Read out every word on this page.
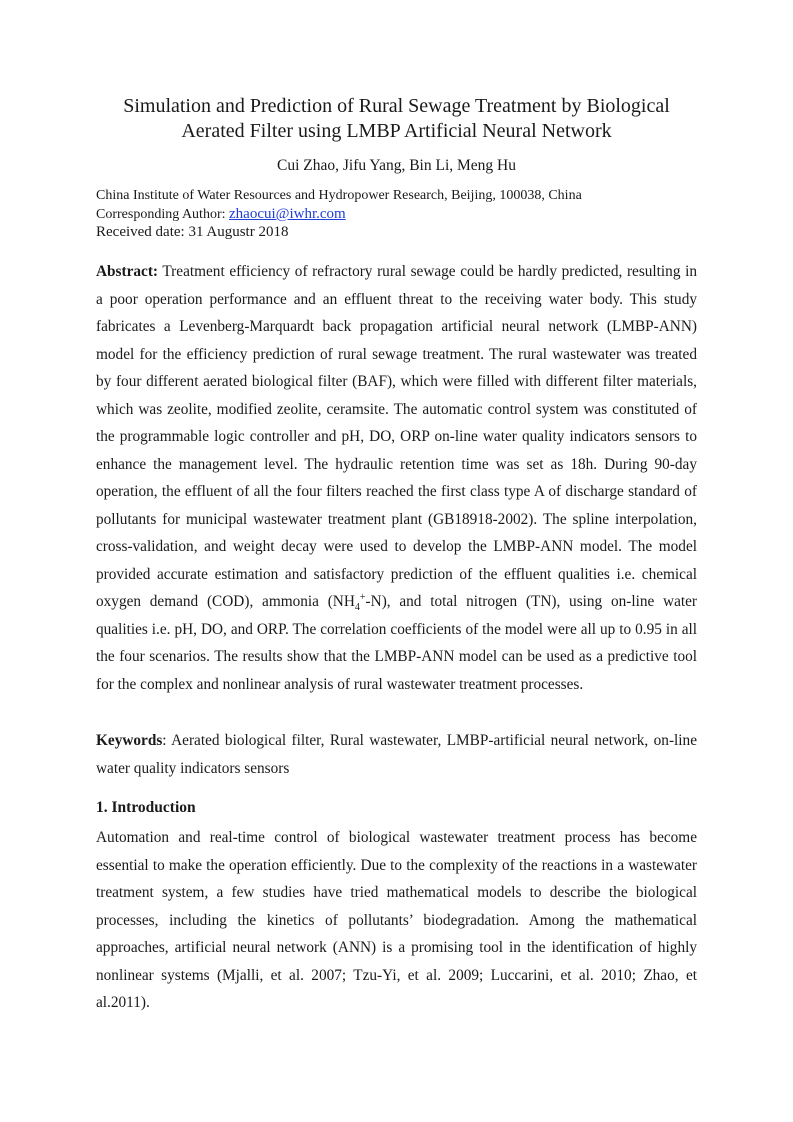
Simulation and Prediction of Rural Sewage Treatment by Biological
Aerated Filter using LMBP Artificial Neural Network
Cui Zhao, Jifu Yang, Bin Li, Meng Hu
China Institute of Water Resources and Hydropower Research, Beijing, 100038, China
Corresponding Author: zhaocui@iwhr.com
Received date: 31 Augustr 2018

Abstract: Treatment efficiency of refractory rural sewage could be hardly predicted, resulting in a poor operation performance and an effluent threat to the receiving water body. This study fabricates a Levenberg-Marquardt back propagation artificial neural network (LMBP-ANN) model for the efficiency prediction of rural sewage treatment. The rural wastewater was treated by four different aerated biological filter (BAF), which were filled with different filter materials, which was zeolite, modified zeolite, ceramsite. The automatic control system was constituted of the programmable logic controller and pH, DO, ORP on-line water quality indicators sensors to enhance the management level. The hydraulic retention time was set as 18h. During 90-day operation, the effluent of all the four filters reached the first class type A of discharge standard of pollutants for municipal wastewater treatment plant (GB18918-2002). The spline interpolation, cross-validation, and weight decay were used to develop the LMBP-ANN model. The model provided accurate estimation and satisfactory prediction of the effluent qualities i.e. chemical oxygen demand (COD), ammonia $(NH_4^+-N)$, and total nitrogen (TN), using on-line water qualities i.e. pH, DO, and ORP. The correlation coefficients of the model were all up to 0.95 in all the four scenarios. The results show that the LMBP-ANN model can be used as a predictive tool for the complex and nonlinear analysis of rural wastewater treatment processes.

Keywords: Aerated biological filter, Rural wastewater, LMBP-artificial neural network, on-line water quality indicators sensors

1. Introduction

Automation and real-time control of biological wastewater treatment process has become essential to make the operation efficiently. Due to the complexity of the reactions in a wastewater treatment system, a few studies have tried mathematical models to describe the biological processes, including the kinetics of pollutants’ biodegradation. Among the mathematical approaches, artificial neural network (ANN) is a promising tool in the identification of highly nonlinear systems (Mjalli, et al. 2007; Tzu-Yi, et al. 2009; Luccarini, et al. 2010; Zhao, et al.2011).
